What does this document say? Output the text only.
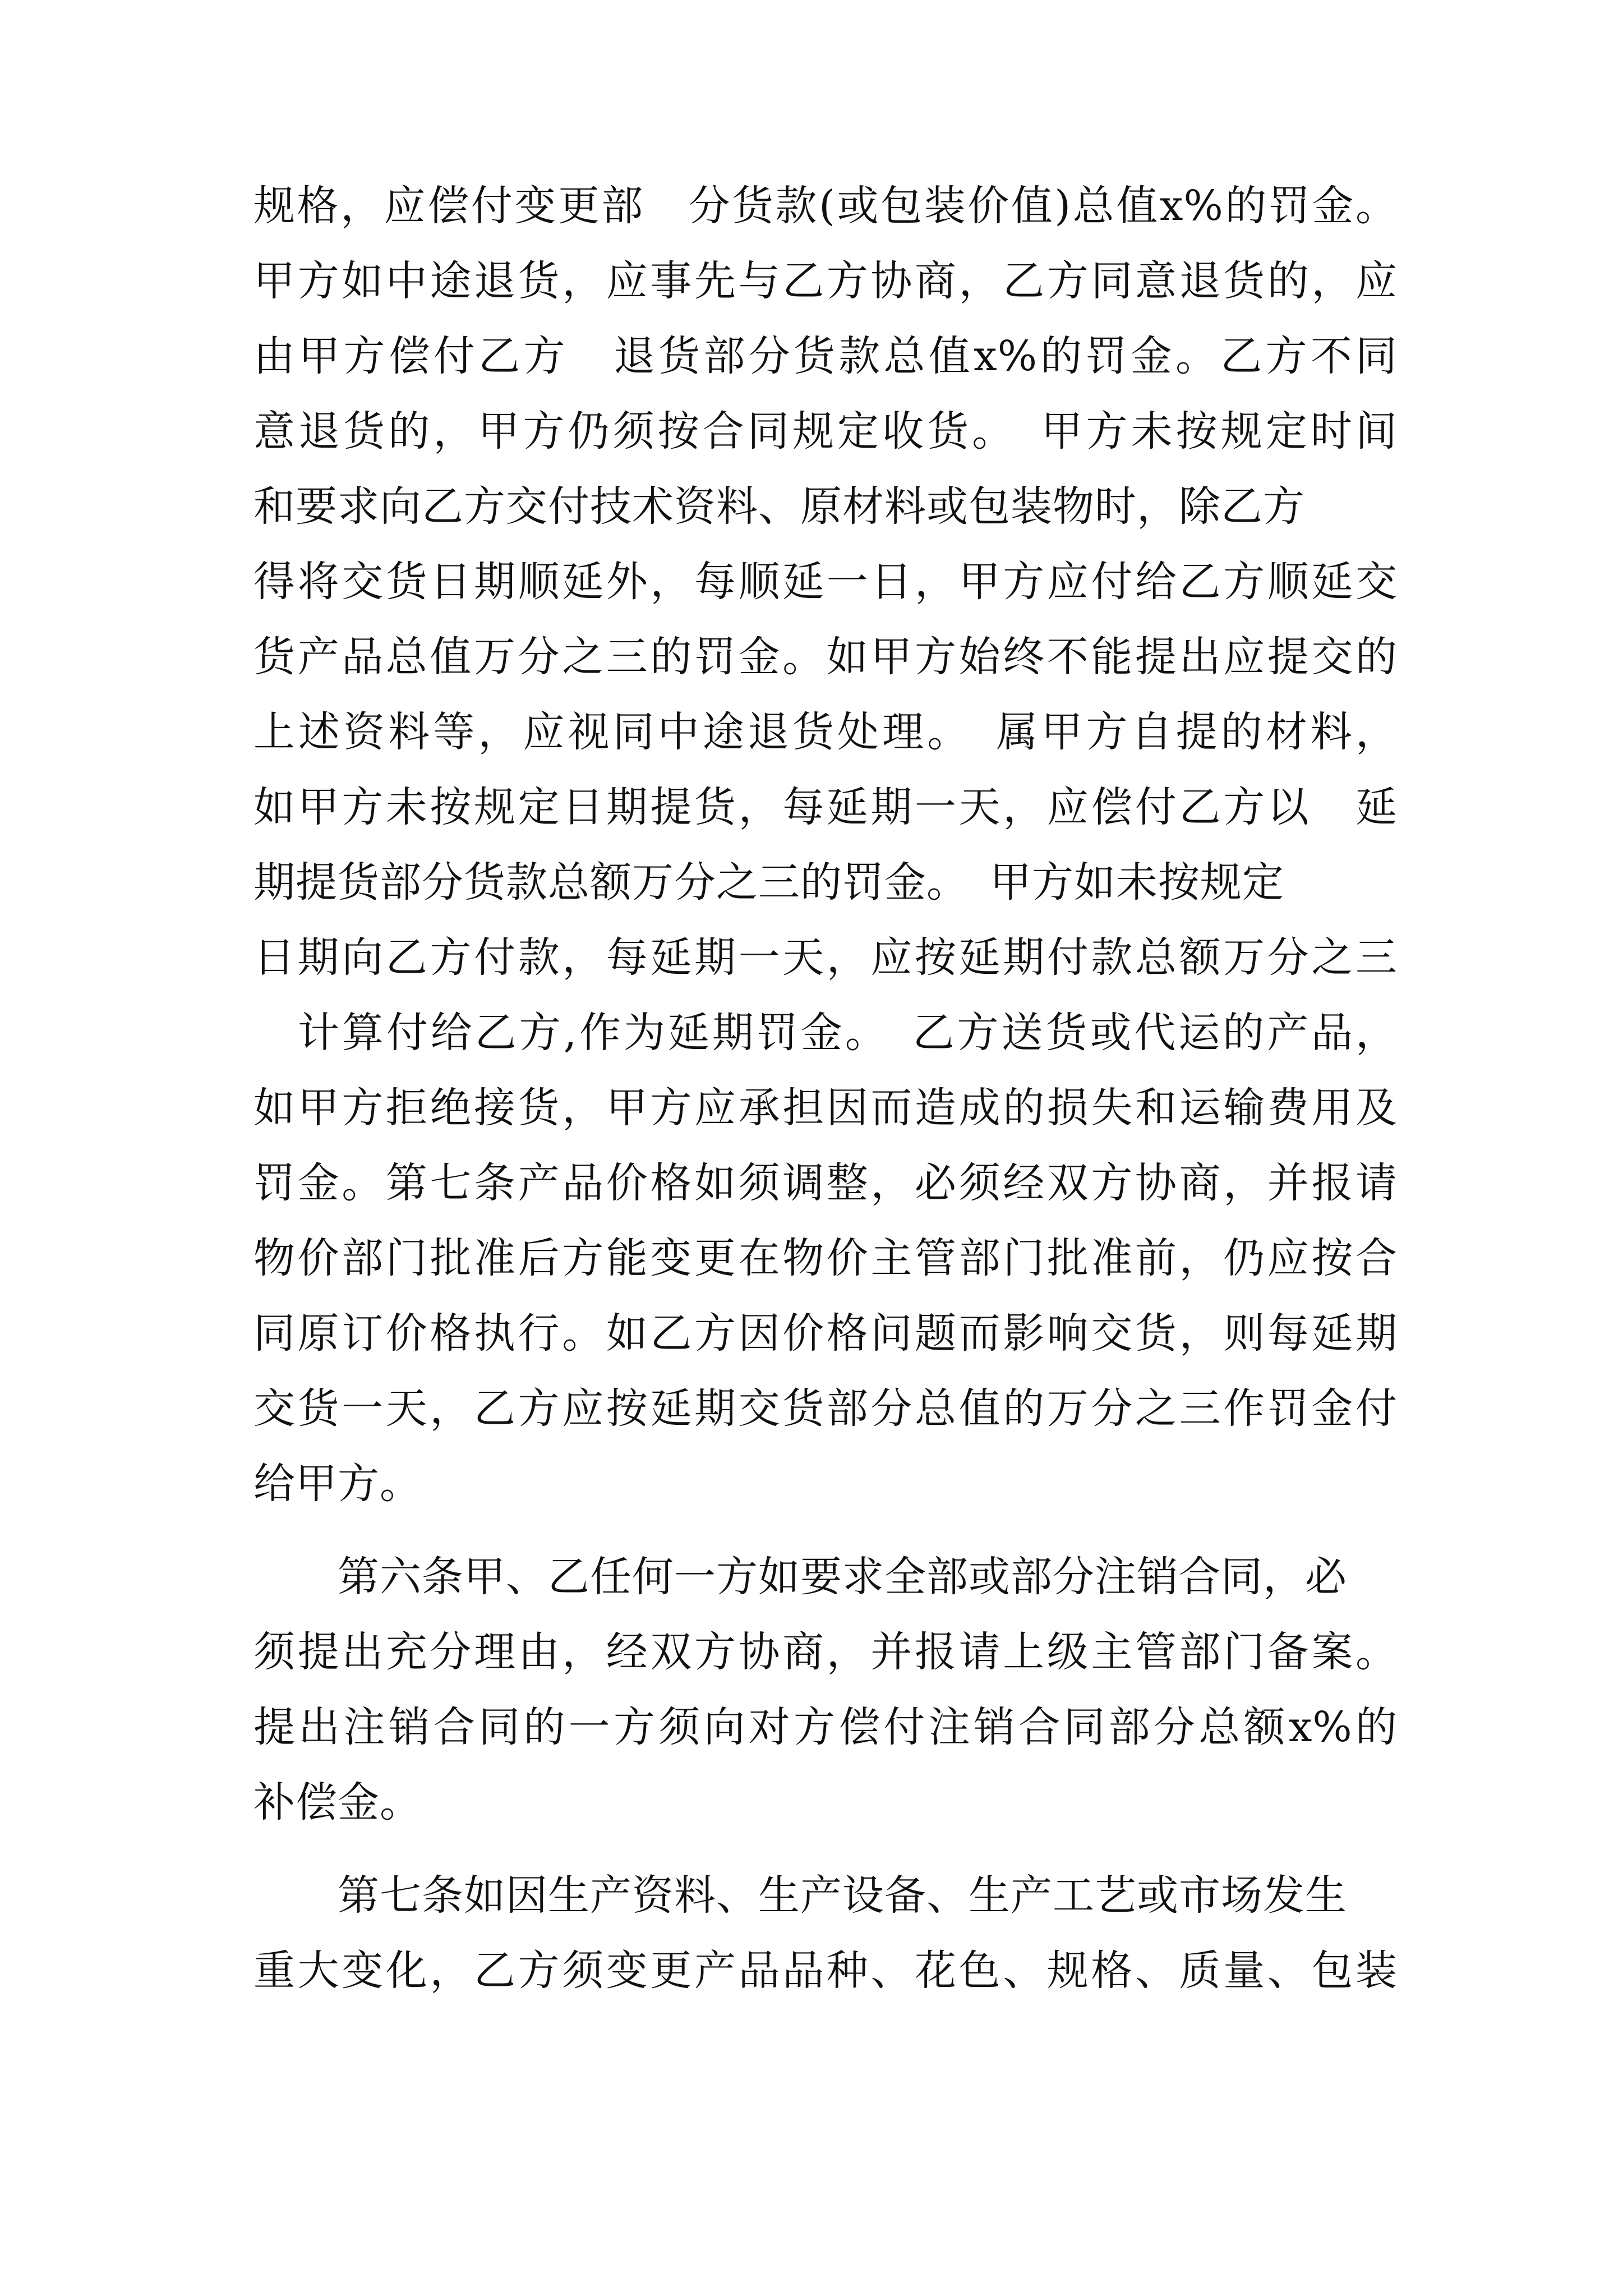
规格，应偿付变更部　分货款(或包装价值)总值x%的罚金。
甲方如中途退货，应事先与乙方协商，乙方同意退货的，应
由甲方偿付乙方　退货部分货款总值x%的罚金。乙方不同
意退货的，甲方仍须按合同规定收货。　甲方未按规定时间
和要求向乙方交付技术资料、原材料或包装物时，除乙方
得将交货日期顺延外，每顺延一日，甲方应付给乙方顺延交
货产品总值万分之三的罚金。如甲方始终不能提出应提交的
上述资料等，应视同中途退货处理。　属甲方自提的材料，
如甲方未按规定日期提货，每延期一天，应偿付乙方以　延
期提货部分货款总额万分之三的罚金。　甲方如未按规定
日期向乙方付款，每延期一天，应按延期付款总额万分之三
　计算付给乙方,作为延期罚金。　乙方送货或代运的产品，
如甲方拒绝接货，甲方应承担因而造成的损失和运输费用及
罚金。第七条产品价格如须调整，必须经双方协商，并报请
物价部门批准后方能变更在物价主管部门批准前，仍应按合
同原订价格执行。如乙方因价格问题而影响交货，则每延期
交货一天，乙方应按延期交货部分总值的万分之三作罚金付
给甲方。
　　第六条甲、乙任何一方如要求全部或部分注销合同，必
须提出充分理由，经双方协商，并报请上级主管部门备案。
提出注销合同的一方须向对方偿付注销合同部分总额x%的
补偿金。
　　第七条如因生产资料、生产设备、生产工艺或市场发生
重大变化，乙方须变更产品品种、花色、规格、质量、包装
